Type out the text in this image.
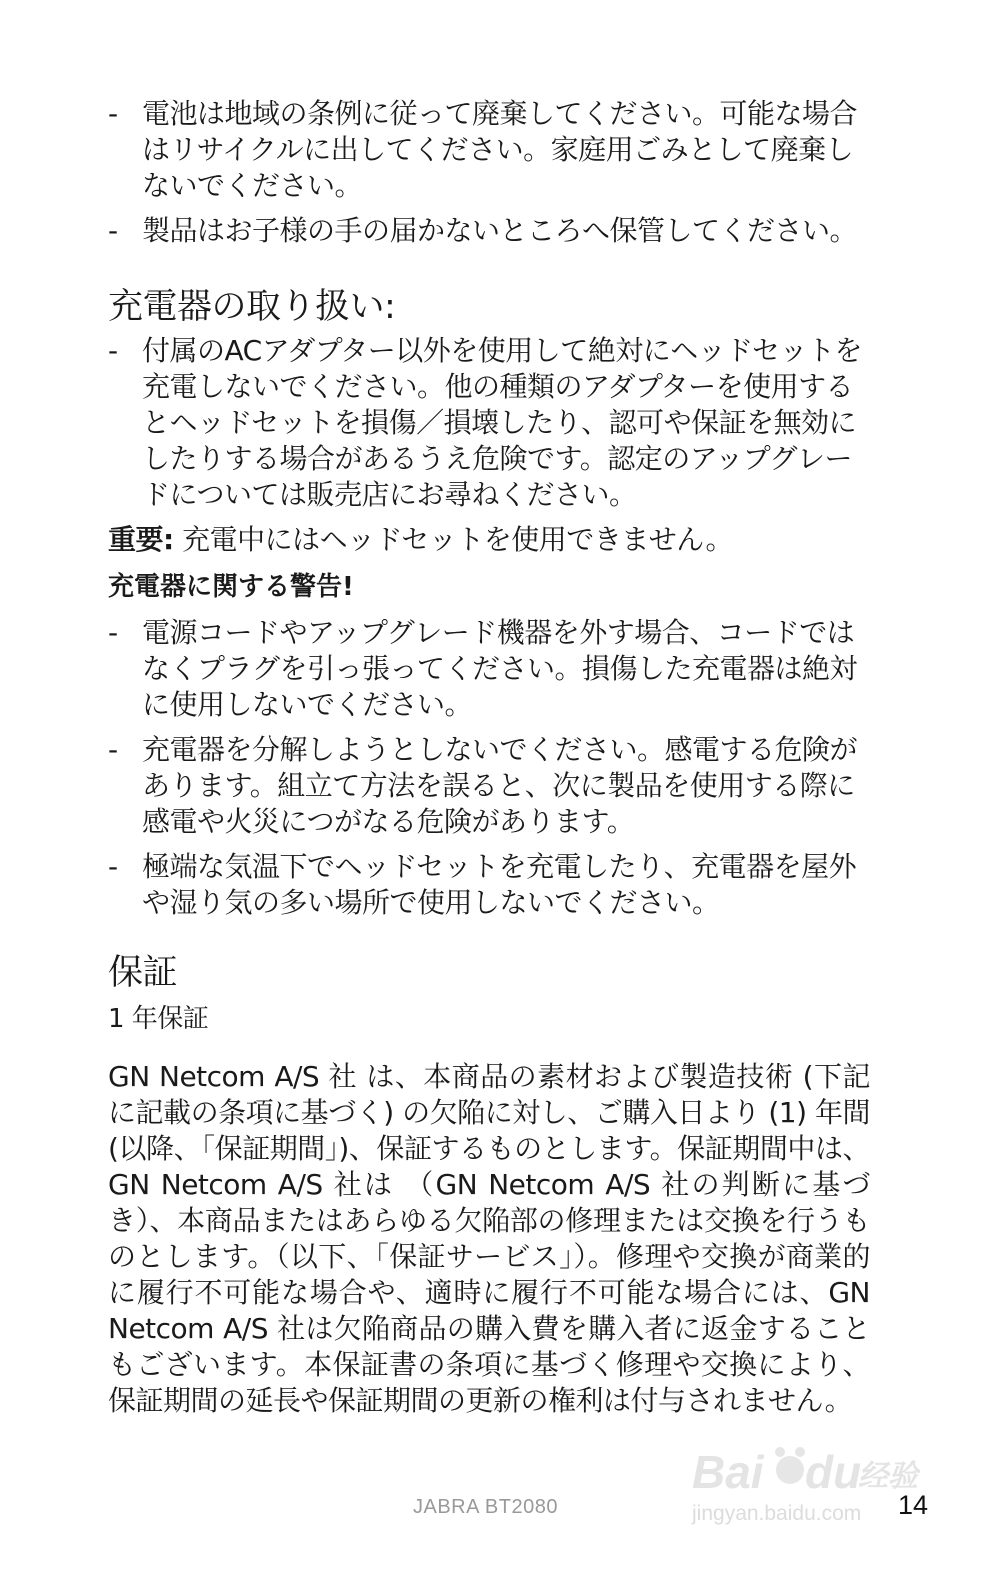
- 電池は地域の条例に従って廃棄してください。可能な場合はリサイクルに出してください。家庭用ごみとして廃棄しないでください。
- 製品はお子様の手の届かないところへ保管してください。
充電器の取り扱い:
- 付属のACアダプター以外を使用して絶対にヘッドセットを充電しないでください。他の種類のアダプターを使用するとヘッドセットを損傷／損壊したり、認可や保証を無効にしたりする場合があるうえ危険です。認定のアップグレードについては販売店にお尋ねください。
重要: 充電中にはヘッドセットを使用できません。
充電器に関する警告!
- 電源コードやアップグレード機器を外す場合、コードではなくプラグを引っ張ってください。損傷した充電器は絶対に使用しないでください。
- 充電器を分解しようとしないでください。感電する危険があります。組立て方法を誤ると、次に製品を使用する際に感電や火災につがなる危険があります。
- 極端な気温下でヘッドセットを充電したり、充電器を屋外や湿り気の多い場所で使用しないでください。
保証
1 年保証
GN Netcom A/S 社 は、本商品の素材および製造技術 (下記に記載の条項に基づく) の欠陥に対し、ご購入日より (1) 年間 (以降、「保証期間」)、保証するものとします。保証期間中は、GN Netcom A/S 社は （GN Netcom A/S 社の判断に基づき）、本商品またはあらゆる欠陥部の修理または交換を行うものとします。（以下、「保証サービス」）。修理や交換が商業的に履行不可能な場合や、適時に履行不可能な場合には、GN　Netcom A/S 社は欠陥商品の購入費を購入者に返金することもございます。本保証書の条項に基づく修理や交換により、保証期間の延長や保証期間の更新の権利は付与されません。
Bai du
经验
jingyan.baidu.com
JABRA BT2080	14
